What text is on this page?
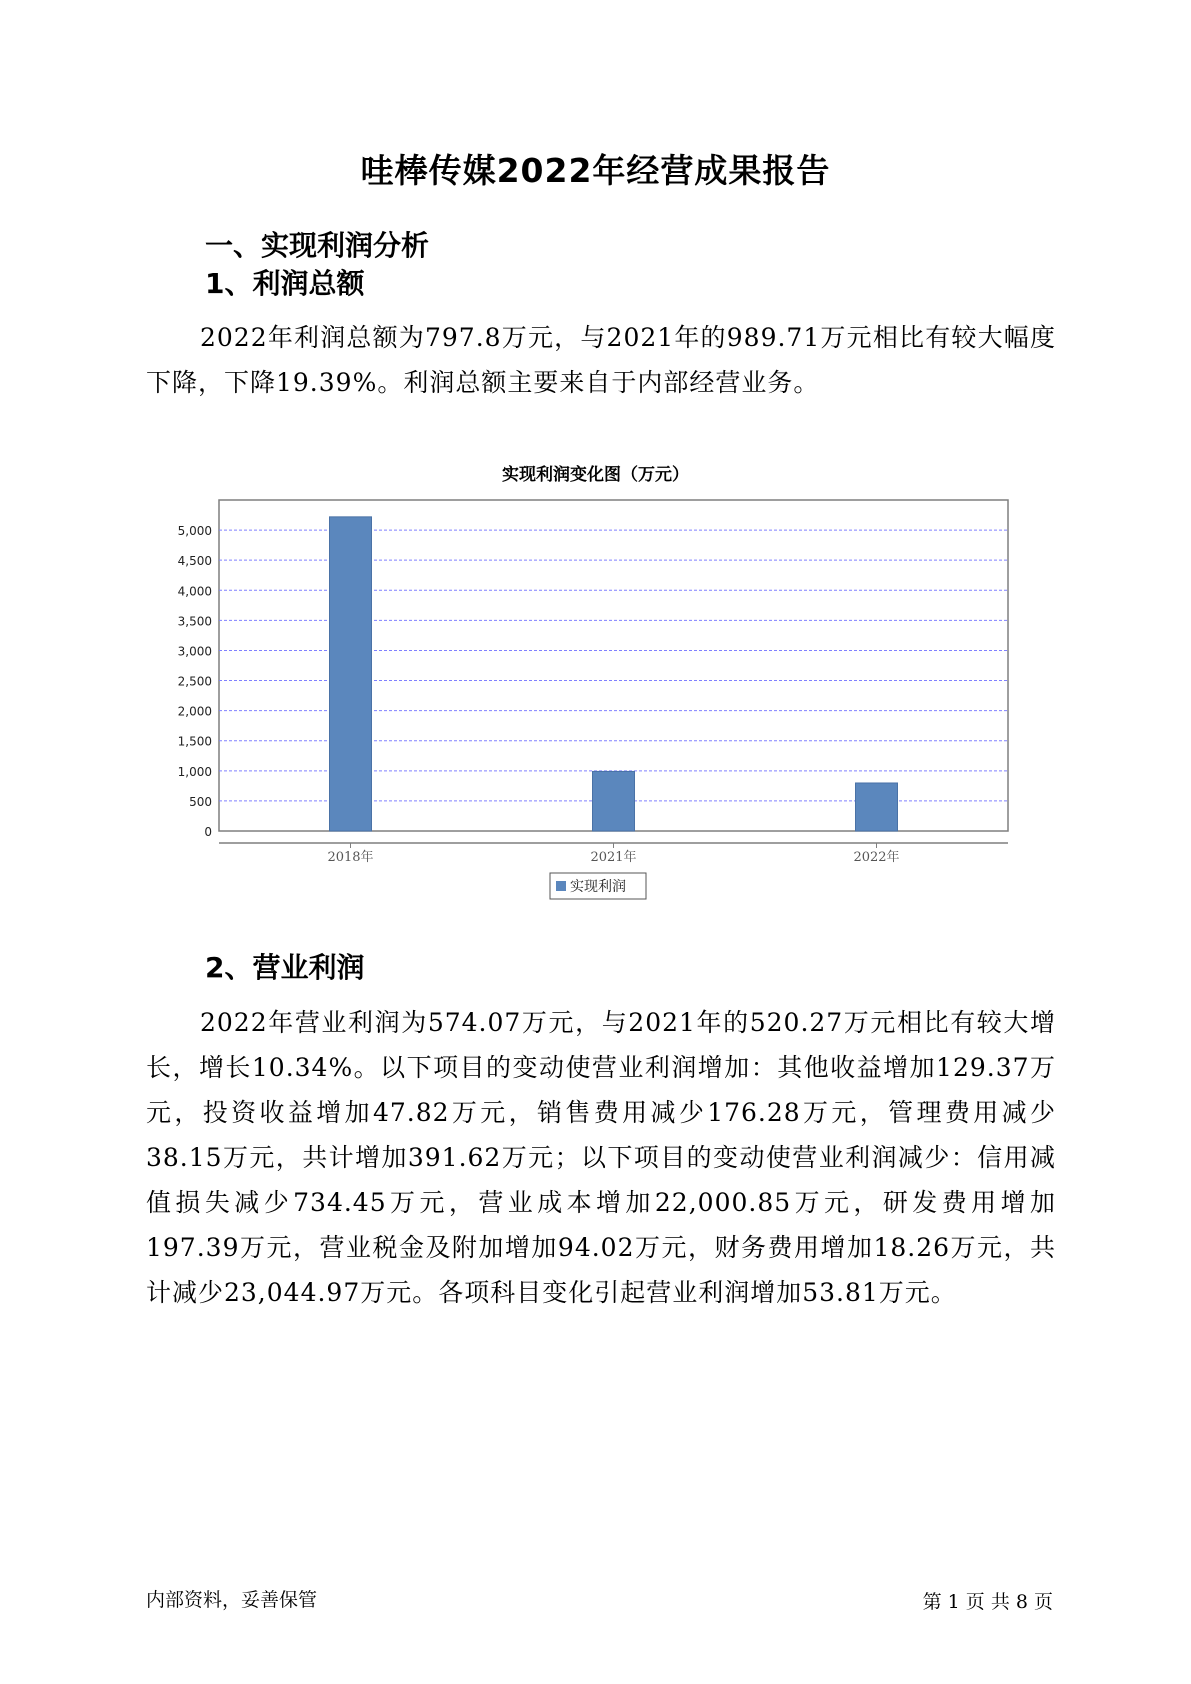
哇棒传媒2022年经营成果报告
一、实现利润分析
1、利润总额
2022年利润总额为797.8万元，与2021年的989.71万元相比有较大幅度下降，下降19.39%。利润总额主要来自于内部经营业务。
实现利润变化图（万元）
0
500
1,000
1,500
2,000
2,500
3,000
3,500
4,000
4,500
5,000
2018年	2021年	2022年
实现利润
2、营业利润
2022年营业利润为574.07万元，与2021年的520.27万元相比有较大增长，增长10.34%。以下项目的变动使营业利润增加：其他收益增加129.37万元，投资收益增加47.82万元，销售费用减少176.28万元，管理费用减少38.15万元，共计增加391.62万元；以下项目的变动使营业利润减少：信用减值损失减少734.45万元，营业成本增加22,000.85万元，研发费用增加197.39万元，营业税金及附加增加94.02万元，财务费用增加18.26万元，共计减少23,044.97万元。各项科目变化引起营业利润增加53.81万元。
内部资料，妥善保管	第 1 页 共 8 页
